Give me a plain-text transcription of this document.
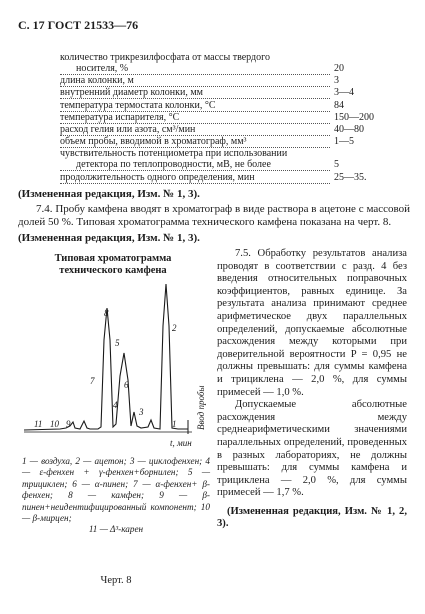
С. 17 ГОСТ 21533—76
количество трикрезилфосфата от массы твердого
носителя, %	20
длина колонки, м	3
внутренний диаметр колонки, мм	3—4
температура термостата колонки, °С	84
температура испарителя, °С	150—200
расход гелия или азота, см³/мин	40—80
объем пробы, вводимой в хроматограф, мм³	1—5
чувствительность потенциометра при использовании
детектора по теплопроводности, мВ, не более	5
продолжительность одного определения, мин	25—35.
(Измененная редакция, Изм. № 1, 3).
7.4. Пробу камфена вводят в хроматограф в виде раствора в ацетоне с массовой долей 50 %. Типовая хроматограмма технического камфена показана на черт. 8.
(Измененная редакция, Изм. № 1, 3).
Типовая хроматограмма технического камфена
11 10 9
8
7	6
5
4
3
2
1
t, мин
Ввод пробы
1 — воздуха, 2 — ацетон; 3 — циклофенхен; 4 — ε-фенхен + γ-фенхен+борнилен; 5 — трициклен; 6 — α-пинен; 7 — α-фенхен+ β-фенхен; 8 — камфен; 9 — β-пинен+неидентифицированный компонент; 10 — β-мирцен;
11 — Δ³-карен
Черт. 8

7.5. Обработку результатов анализа проводят в соответствии с разд. 4 без введения относительных поправочных коэффициентов, равных единице. За результата анализа принимают среднее арифметическое двух параллельных определений, допускаемые абсолютные расхождения между которыми при доверительной вероятности P = 0,95 не должны превышать: для суммы камфена и трициклена — 2,0 %, для суммы примесей — 1,0 %.

Допускаемые абсолютные расхождения между среднеарифметическими значениями параллельных определений, проведенных в разных лабораториях, не должны превышать: для суммы камфена и трициклена — 2,0 %, для суммы примесей — 1,7 %.

(Измененная редакция, Изм. № 1, 2, 3).
